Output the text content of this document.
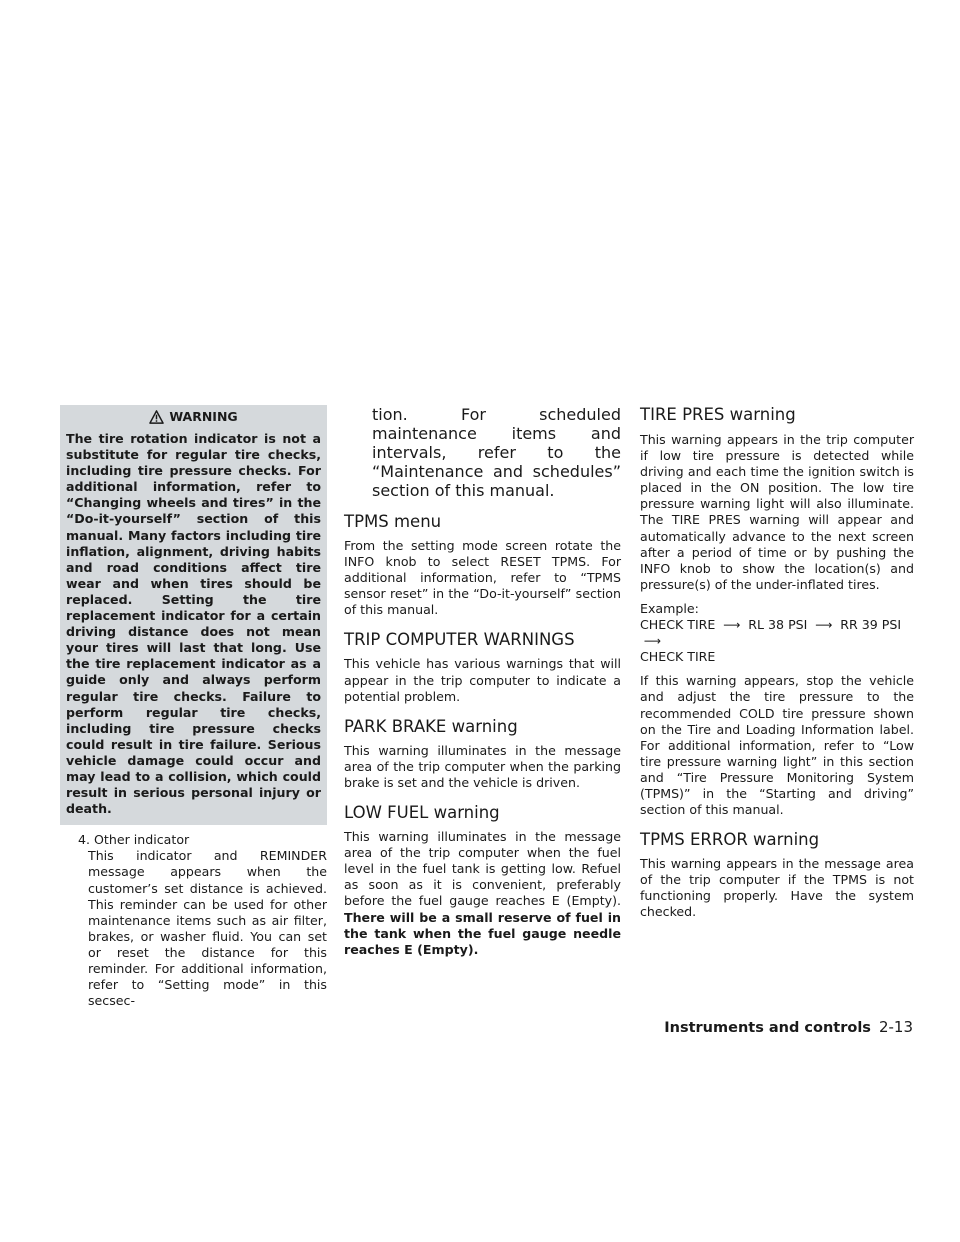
WARNING
The tire rotation indicator is not a substitute for regular tire checks, including tire pressure checks. For additional information, refer to “Changing wheels and tires” in the “Do-it-yourself” section of this manual. Many factors including tire inflation, alignment, driving habits and road conditions affect tire wear and when tires should be replaced. Setting the tire replacement indicator for a certain driving distance does not mean your tires will last that long. Use the tire replacement indicator as a guide only and always perform regular tire checks. Failure to perform regular tire checks, including tire pressure checks could result in tire failure. Serious vehicle damage could occur and may lead to a collision, which could result in serious personal injury or death.
4. Other indicator
This indicator and REMINDER message appears when the customer’s set distance is achieved. This reminder can be used for other maintenance items such as air filter, brakes, or washer fluid. You can set or reset the distance for this reminder. For additional information, refer to “Setting mode” in this secsec-
tion. For scheduled maintenance items and intervals, refer to the “Maintenance and schedules” section of this manual.
TPMS menu

From the setting mode screen rotate the INFO knob to select RESET TPMS. For additional information, refer to “TPMS sensor reset” in the “Do-it-yourself” section of this manual.

TRIP COMPUTER WARNINGS

This vehicle has various warnings that will appear in the trip computer to indicate a potential problem.

PARK BRAKE warning

This warning illuminates in the message area of the trip computer when the parking brake is set and the vehicle is driven.

LOW FUEL warning

This warning illuminates in the message area of the trip computer when the fuel level in the fuel tank is getting low. Refuel as soon as it is convenient, preferably before the fuel gauge reaches E (Empty). There will be a small reserve of fuel in the tank when the fuel gauge needle reaches E (Empty).

TIRE PRES warning

This warning appears in the trip computer if low tire pressure is detected while driving and each time the ignition switch is placed in the ON position. The low tire pressure warning light will also illuminate. The TIRE PRES warning will appear and automatically advance to the next screen after a period of time or by pushing the INFO knob to show the location(s) and pressure(s) of the under-inflated tires.

Example:

CHECK TIRE  ⟶  RL 38 PSI  ⟶  RR 39 PSI  ⟶
CHECK TIRE

If this warning appears, stop the vehicle and adjust the tire pressure to the recommended COLD tire pressure shown on the Tire and Loading Information label. For additional information, refer to “Low tire pressure warning light” in this section and “Tire Pressure Monitoring System (TPMS)” in the “Starting and driving” section of this manual.

TPMS ERROR warning

This warning appears in the message area of the trip computer if the TPMS is not functioning properly. Have the system checked.

Instruments and controls 2-13
